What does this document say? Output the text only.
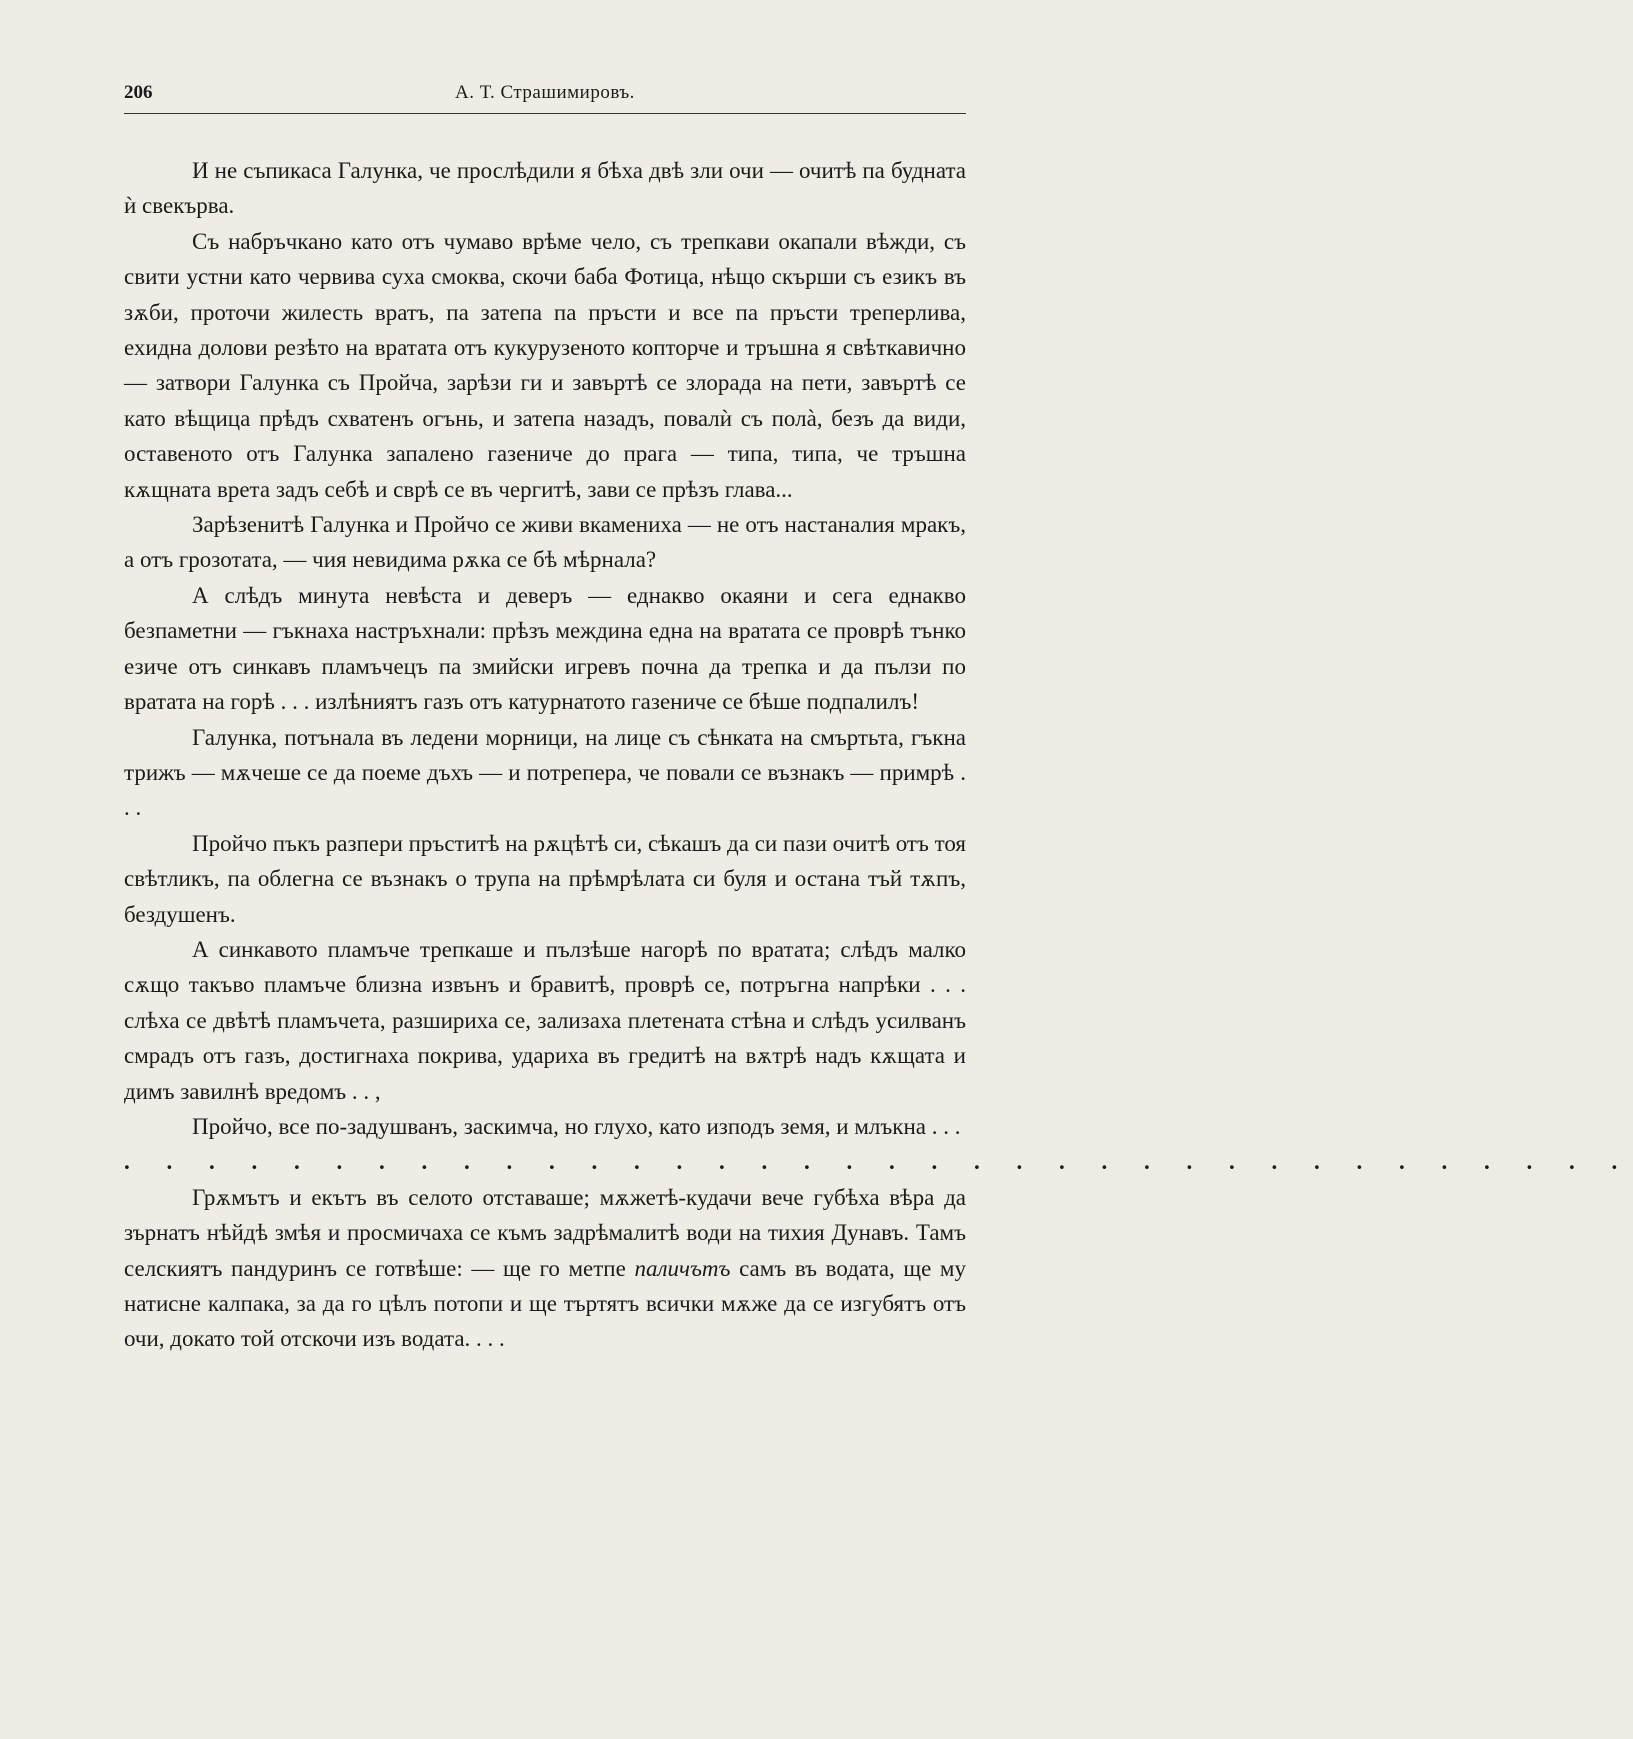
206	А. Т. Страшимировъ.

И не съпикаса Галунка, че прослѣдили я бѣха двѣ зли очи — очитѣ па будната ѝ свекърва.

Съ набръчкано като отъ чумаво врѣме чело, съ трепкави окапали вѣжди, съ свити устни като червива суха смоква, скочи баба Фотица, нѣщо скърши съ езикъ въ зѫби, проточи жилесть вратъ, па затепа па пръсти и все па пръсти треперлива, ехидна долови резѣто на вратата отъ кукурузеното копторче и тръшна я свѣткавично — затвори Галунка съ Пройча, зарѣзи ги и завъртѣ се злорада на пети, завъртѣ се като вѣщица прѣдъ схватенъ огънь, и затепа назадъ, повалѝ съ полà, безъ да види, оставеното отъ Галунка запалено газениче до прага — типа, типа, че тръшна кѫщната врета задъ себѣ и сврѣ се въ чергитѣ, зави се прѣзъ глава...

Зарѣзенитѣ Галунка и Пройчо се живи вкамениха — не отъ настаналия мракъ, а отъ грозотата, — чия невидима рѫка се бѣ мѣрнала?

А слѣдъ минута невѣста и деверъ — еднакво окаяни и сега еднакво безпаметни — гъкнаха настръхнали: прѣзъ междина една на вратата се проврѣ тънко езиче отъ синкавъ пламъчецъ па змийски игревъ почна да трепка и да пълзи по вратата на горѣ . . . излѣниятъ газъ отъ катурнатото газениче се бѣше подпалилъ!

Галунка, потънала въ ледени морници, на лице съ сѣнката на смъртьта, гъкна трижъ — мѫчеше се да поеме дъхъ — и потрепера, че повали се възнакъ — примрѣ . . .

Пройчо пъкъ разпери пръститѣ на рѫцѣтѣ си, сѣкашъ да си пази очитѣ отъ тоя свѣтликъ, па облегна се възнакъ о трупа на прѣмрѣлата си буля и остана тъй тѫпъ, бездушенъ.

А синкавото пламъче трепкаше и пълзѣше нагорѣ по вратата; слѣдъ малко сѫщо такъво пламъче близна извънъ и бравитѣ, проврѣ се, потръгна напрѣки . . . слѣха се двѣтѣ пламъчета, разшириха се, зализаха плетената стѣна и слѣдъ усилванъ смрадъ отъ газъ, достигнаха покрива, удариха въ гредитѣ на вѫтрѣ надъ кѫщата и димъ завилнѣ вредомъ . . ,

Пройчо, все по-задушванъ, заскимча, но глухо, като изподъ земя, и млъкна . . .

. . . . . . . . . . . . . . . . . . . . . . . . . . . . . . . . . . . .

Грѫмътъ и екътъ въ селото отставаше; мѫжетѣ-кудачи вече губѣха вѣра да зърнатъ нѣйдѣ змѣя и просмичаха се къмъ задрѣмалитѣ води на тихия Дунавъ. Тамъ селскиятъ пандуринъ се готвѣше: — ще го метпе паличътъ самъ въ водата, ще му натисне калпака, за да го цѣлъ потопи и ще търтятъ всички мѫже да се изгубятъ отъ очи, докато той отскочи изъ водата. . . .
